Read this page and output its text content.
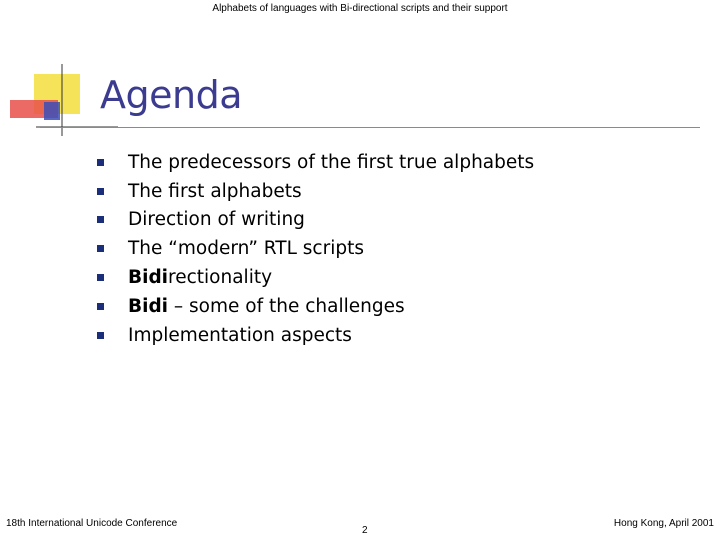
Alphabets of languages with Bi-directional scripts and their support
Agenda
The predecessors of the first true alphabets
The first alphabets
Direction of writing
The “modern” RTL scripts
Bidirectionality
Bidi – some of the challenges
Implementation aspects
18th International Unicode Conference
2
Hong Kong, April 2001
